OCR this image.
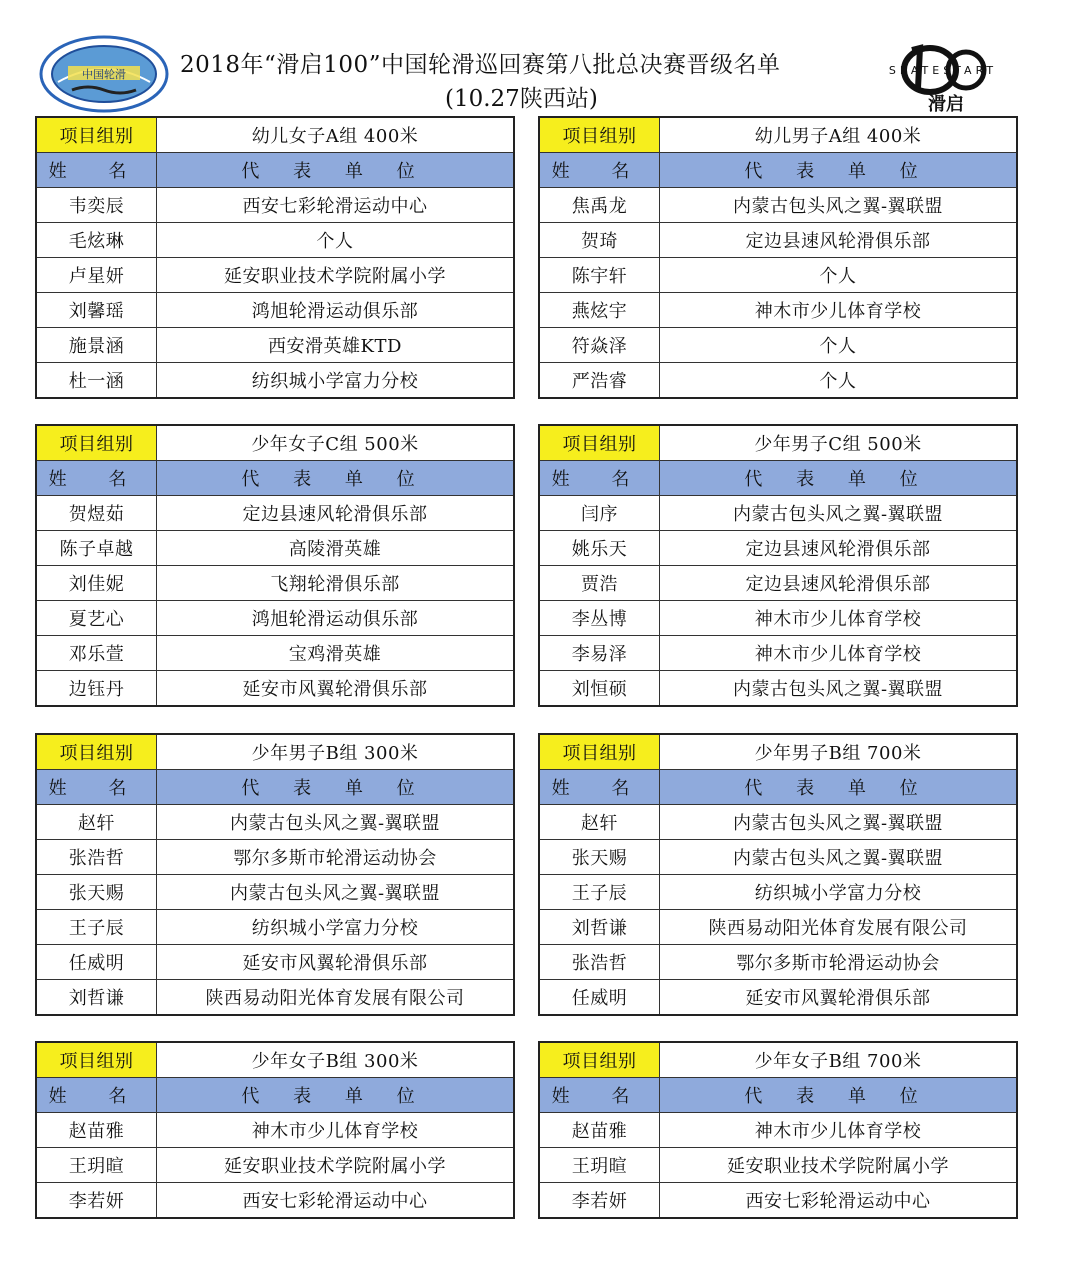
中国轮滑 2018年“滑启100”中国轮滑巡回赛第八批总决赛晋级名单
(10.27陕西站)
SKATESTART
滑启
项目组别	幼儿女子A组 400米
姓 名	代 表 单 位
韦奕辰	西安七彩轮滑运动中心
毛炫琳	个人
卢星妍	延安职业技术学院附属小学
刘馨瑶	鸿旭轮滑运动俱乐部
施景涵	西安滑英雄KTD
杜一涵	纺织城小学富力分校
项目组别	幼儿男子A组 400米
姓 名	代 表 单 位
焦禹龙	内蒙古包头风之翼-翼联盟
贺琦	定边县速风轮滑俱乐部
陈宇轩	个人
燕炫宇	神木市少儿体育学校
符焱泽	个人
严浩睿	个人
项目组别	少年女子C组 500米
姓 名	代 表 单 位
贺煜茹	定边县速风轮滑俱乐部
陈子卓越	高陵滑英雄
刘佳妮	飞翔轮滑俱乐部
夏艺心	鸿旭轮滑运动俱乐部
邓乐萱	宝鸡滑英雄
边钰丹	延安市风翼轮滑俱乐部
项目组别	少年男子C组 500米
姓 名	代 表 单 位
闫序	内蒙古包头风之翼-翼联盟
姚乐天	定边县速风轮滑俱乐部
贾浩	定边县速风轮滑俱乐部
李丛博	神木市少儿体育学校
李易泽	神木市少儿体育学校
刘恒硕	内蒙古包头风之翼-翼联盟
项目组别	少年男子B组 300米
姓 名	代 表 单 位
赵轩	内蒙古包头风之翼-翼联盟
张浩哲	鄂尔多斯市轮滑运动协会
张天赐	内蒙古包头风之翼-翼联盟
王子辰	纺织城小学富力分校
任威明	延安市风翼轮滑俱乐部
刘哲谦	陕西易动阳光体育发展有限公司
项目组别	少年男子B组 700米
姓 名	代 表 单 位
赵轩	内蒙古包头风之翼-翼联盟
张天赐	内蒙古包头风之翼-翼联盟
王子辰	纺织城小学富力分校
刘哲谦	陕西易动阳光体育发展有限公司
张浩哲	鄂尔多斯市轮滑运动协会
任威明	延安市风翼轮滑俱乐部
项目组别	少年女子B组 300米
姓 名	代 表 单 位
赵苗雅	神木市少儿体育学校
王玥暄	延安职业技术学院附属小学
李若妍	西安七彩轮滑运动中心
项目组别	少年女子B组 700米
姓 名	代 表 单 位
赵苗雅	神木市少儿体育学校
王玥暄	延安职业技术学院附属小学
李若妍	西安七彩轮滑运动中心
